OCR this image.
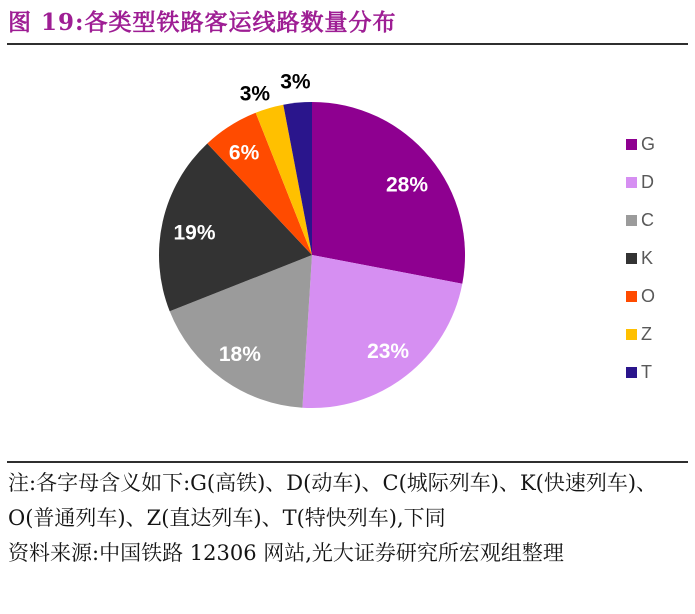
图 19:各类型铁路客运线路数量分布
28%
23%
18%
19%
6%
3%
3%
G
D
C
K
O
Z
T
注:各字母含义如下:G(高铁)、D(动车)、C(城际列车)、K(快速列车)、O(普通列车)、Z(直达列车)、T(特快列车),下同
资料来源:中国铁路 12306 网站,光大证券研究所宏观组整理
